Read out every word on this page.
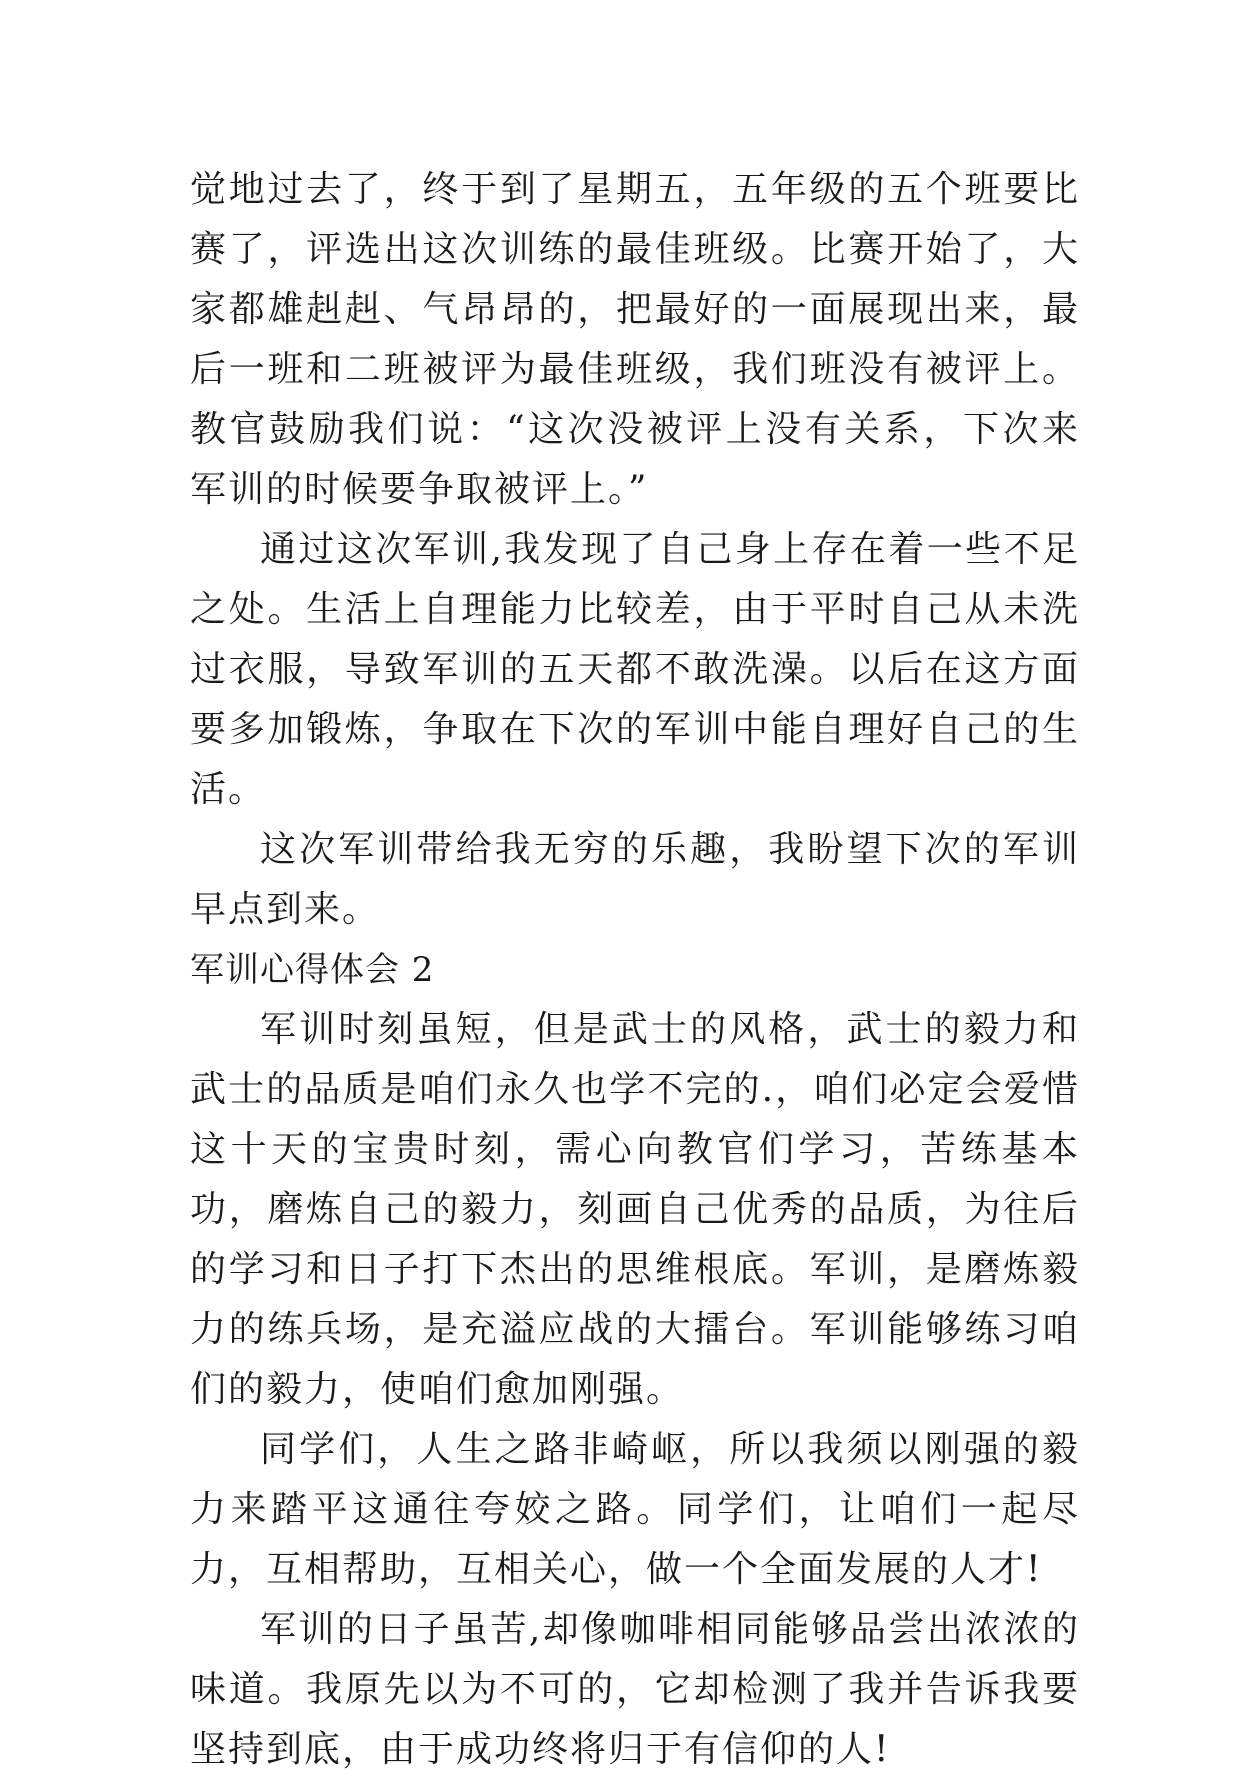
觉地过去了，终于到了星期五，五年级的五个班要比赛了，评选出这次训练的最佳班级。比赛开始了，大家都雄赳赳、气昂昂的，把最好的一面展现出来，最后一班和二班被评为最佳班级，我们班没有被评上。教官鼓励我们说：“这次没被评上没有关系，下次来军训的时候要争取被评上。”

通过这次军训,我发现了自己身上存在着一些不足之处。生活上自理能力比较差，由于平时自己从未洗过衣服，导致军训的五天都不敢洗澡。以后在这方面要多加锻炼，争取在下次的军训中能自理好自己的生活。

这次军训带给我无穷的乐趣，我盼望下次的军训早点到来。

军训心得体会 2

军训时刻虽短，但是武士的风格，武士的毅力和武士的品质是咱们永久也学不完的.，咱们必定会爱惜这十天的宝贵时刻，需心向教官们学习，苦练基本功，磨炼自己的毅力，刻画自己优秀的品质，为往后的学习和日子打下杰出的思维根底。军训，是磨炼毅力的练兵场，是充溢应战的大擂台。军训能够练习咱们的毅力，使咱们愈加刚强。

同学们，人生之路非崎岖，所以我须以刚强的毅力来踏平这通往夸姣之路。同学们，让咱们一起尽力，互相帮助，互相关心，做一个全面发展的人才!

军训的日子虽苦,却像咖啡相同能够品尝出浓浓的味道。我原先以为不可的，它却检测了我并告诉我要坚持到底，由于成功终将归于有信仰的人!
